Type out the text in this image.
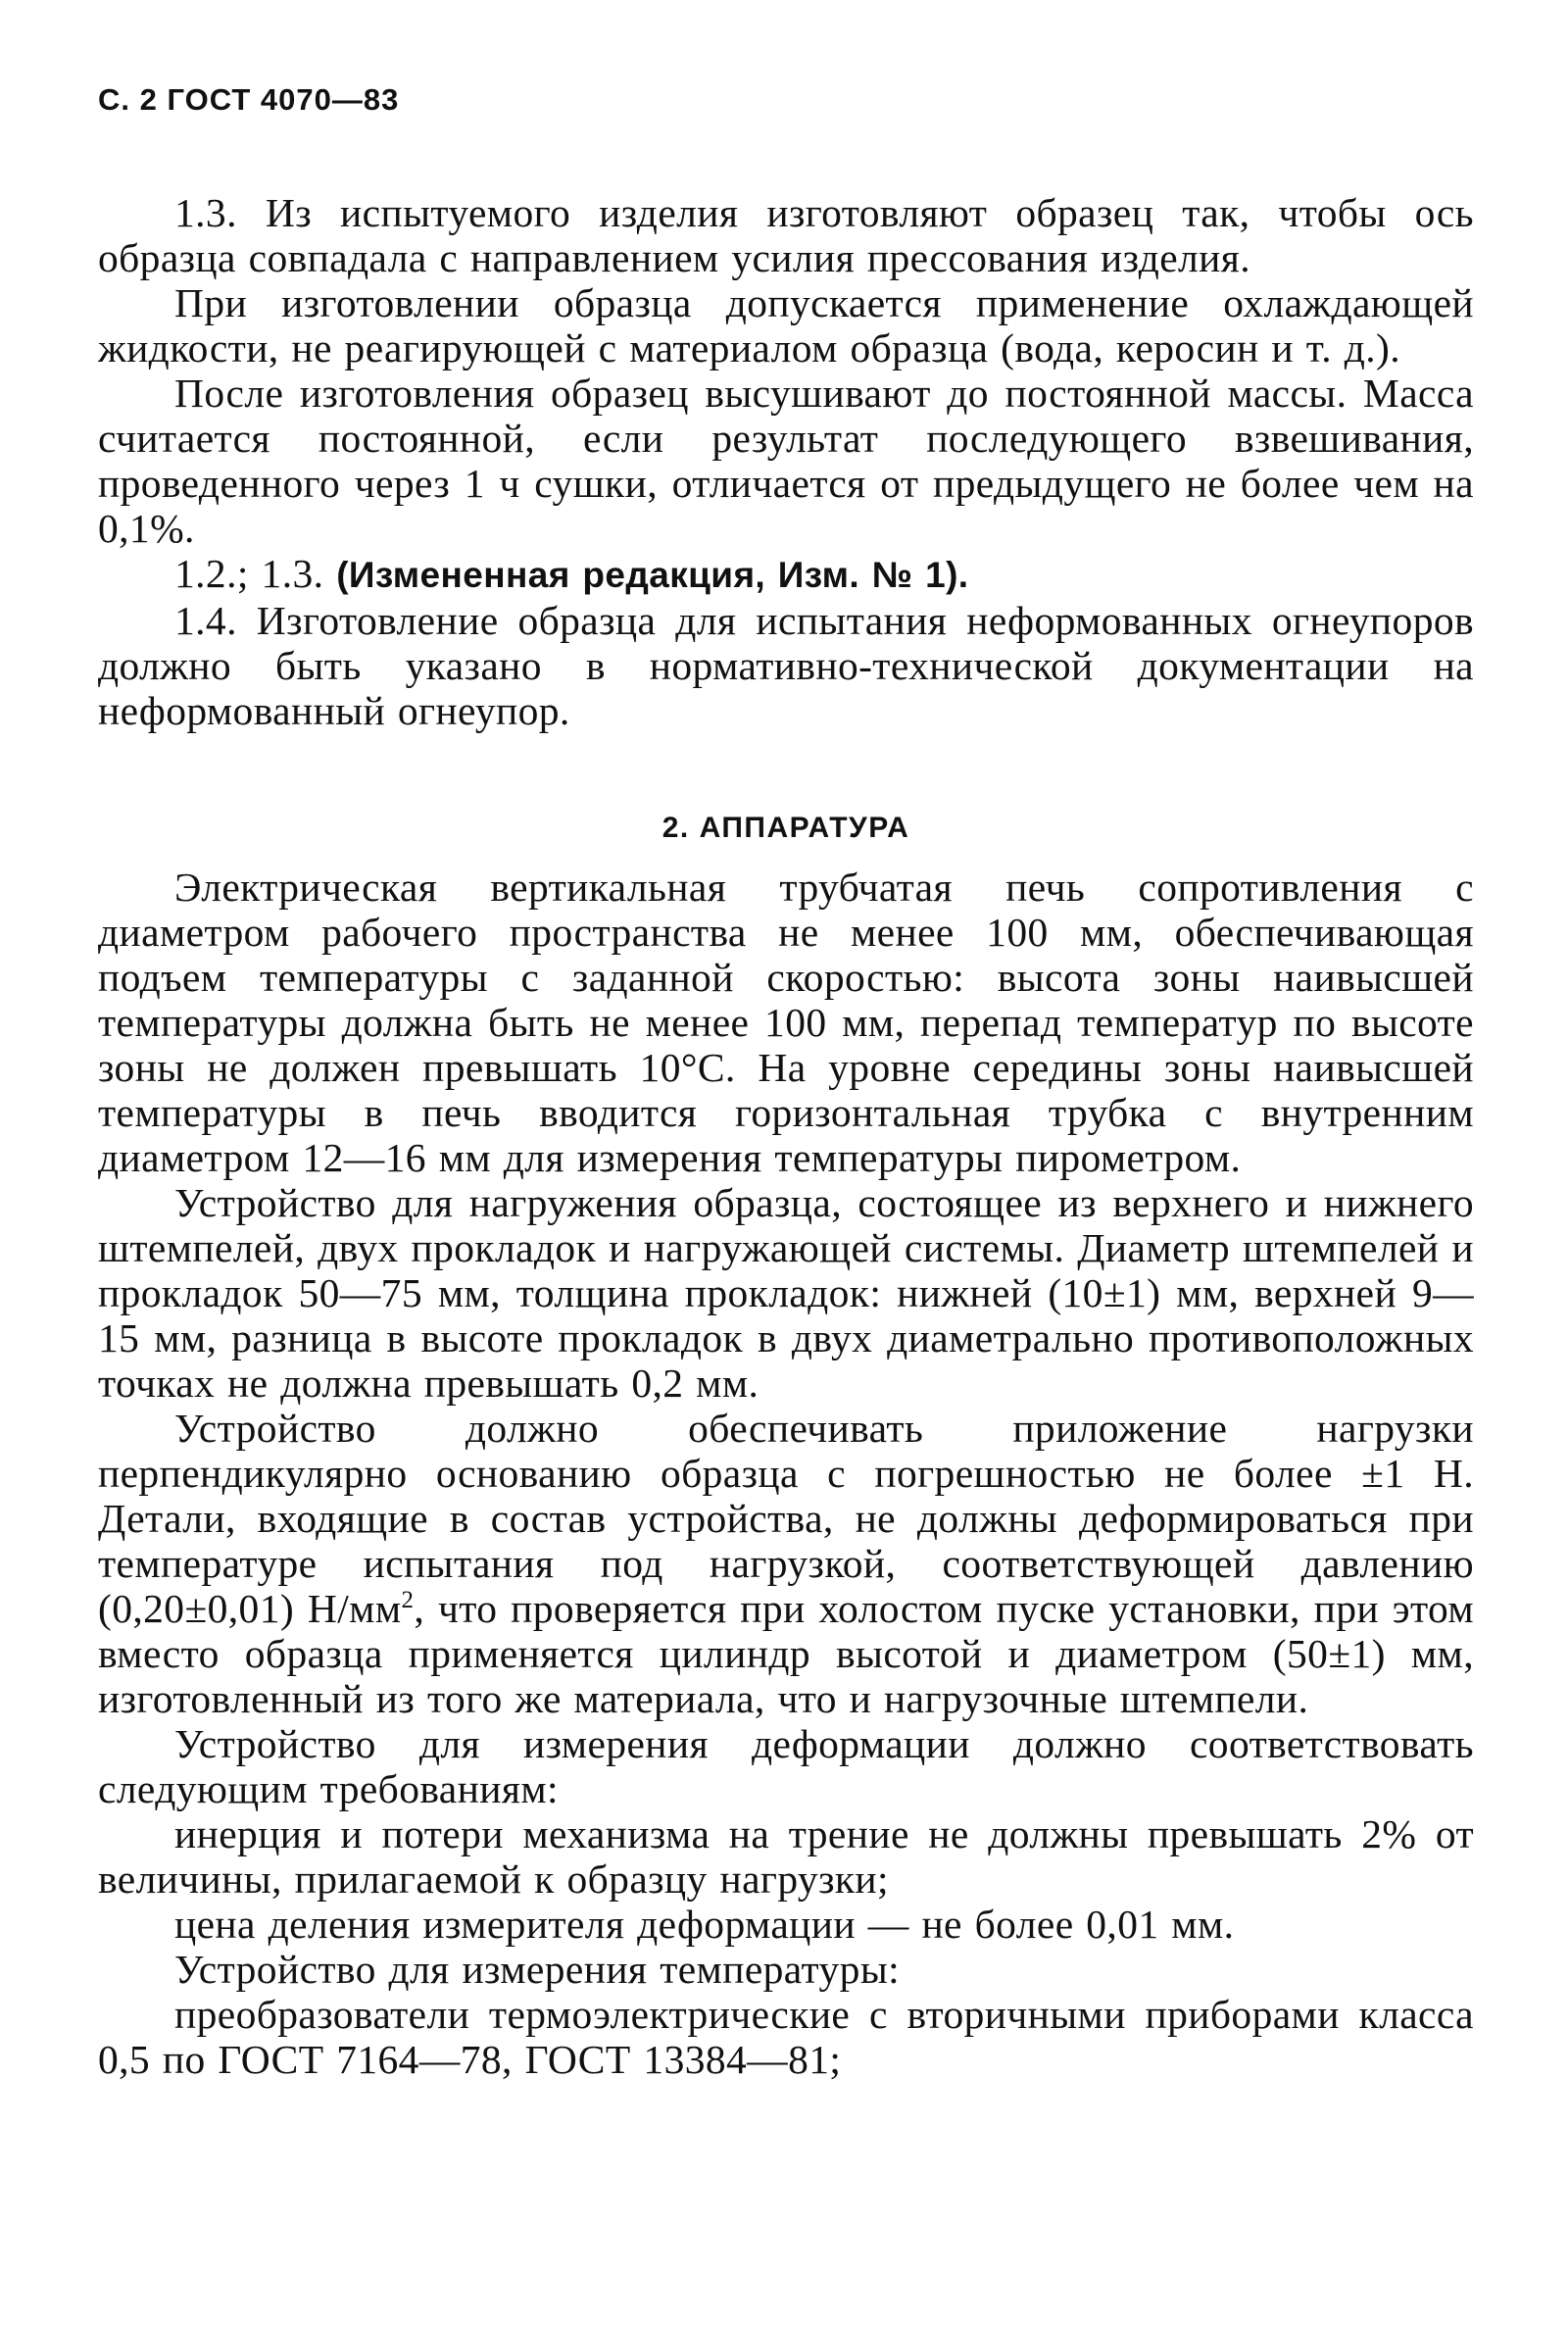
С. 2 ГОСТ 4070—83

1.3. Из испытуемого изделия изготовляют образец так, чтобы ось образца совпадала с направлением усилия прессования изделия.

При изготовлении образца допускается применение охлаждающей жидкости, не реагирующей с материалом образца (вода, керосин и т. д.).

После изготовления образец высушивают до постоянной массы. Масса считается постоянной, если результат последующего взвешивания, проведенного через 1 ч сушки, отличается от предыдущего не более чем на 0,1%.

1.2.; 1.3. (Измененная редакция, Изм. № 1).

1.4. Изготовление образца для испытания неформованных огнеупоров должно быть указано в нормативно-технической документации на неформованный огнеупор.

2. АППАРАТУРА

Электрическая вертикальная трубчатая печь сопротивления с диаметром рабочего пространства не менее 100 мм, обеспечивающая подъем температуры с заданной скоростью: высота зоны наивысшей температуры должна быть не менее 100 мм, перепад температур по высоте зоны не должен превышать 10°С. На уровне середины зоны наивысшей температуры в печь вводится горизонтальная трубка с внутренним диаметром 12—16 мм для измерения температуры пирометром.

Устройство для нагружения образца, состоящее из верхнего и нижнего штемпелей, двух прокладок и нагружающей системы. Диаметр штемпелей и прокладок 50—75 мм, толщина прокладок: нижней (10±1) мм, верхней 9—15 мм, разница в высоте прокладок в двух диаметрально противоположных точках не должна превышать 0,2 мм.

Устройство должно обеспечивать приложение нагрузки перпендикулярно основанию образца с погрешностью не более ±1 Н. Детали, входящие в состав устройства, не должны деформироваться при температуре испытания под нагрузкой, соответствующей давлению (0,20±0,01) $Н/мм^2$, что проверяется при холостом пуске установки, при этом вместо образца применяется цилиндр высотой и диаметром (50±1) мм, изготовленный из того же материала, что и нагрузочные штемпели.

Устройство для измерения деформации должно соответствовать следующим требованиям:

инерция и потери механизма на трение не должны превышать 2% от величины, прилагаемой к образцу нагрузки;

цена деления измерителя деформации — не более 0,01 мм.

Устройство для измерения температуры:

преобразователи термоэлектрические с вторичными приборами класса 0,5 по ГОСТ 7164—78, ГОСТ 13384—81;
